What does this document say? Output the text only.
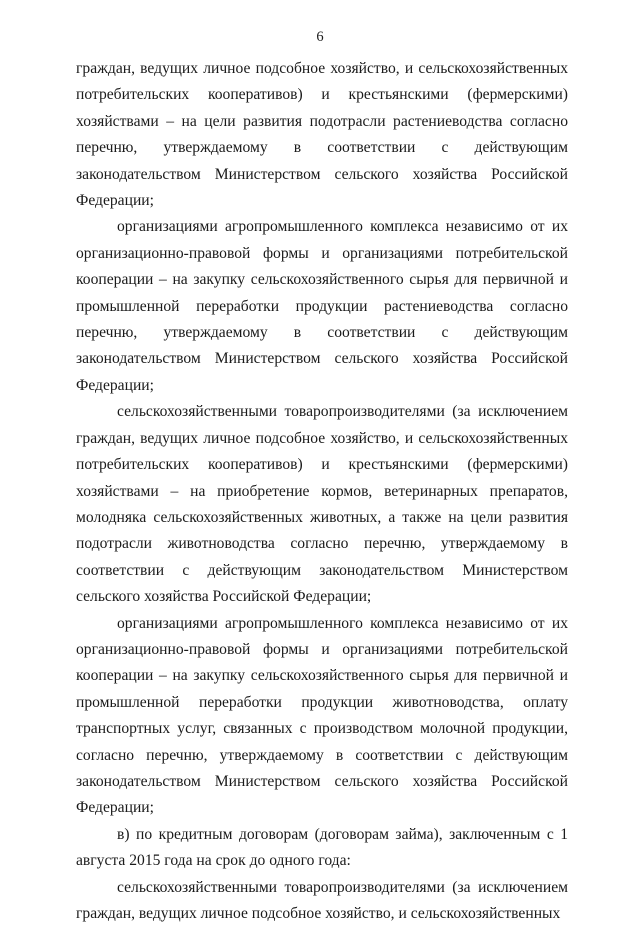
6

граждан, ведущих личное подсобное хозяйство, и сельскохозяйственных потребительских кооперативов) и крестьянскими (фермерскими) хозяйствами – на цели развития подотрасли растениеводства согласно перечню, утверждаемому в соответствии с действующим законодательством Министерством сельского хозяйства Российской Федерации;

организациями агропромышленного комплекса независимо от их организационно-правовой формы и организациями потребительской кооперации – на закупку сельскохозяйственного сырья для первичной и промышленной переработки продукции растениеводства согласно перечню, утверждаемому в соответствии с действующим законодательством Министерством сельского хозяйства Российской Федерации;

сельскохозяйственными товаропроизводителями (за исключением граждан, ведущих личное подсобное хозяйство, и сельскохозяйственных потребительских кооперативов) и крестьянскими (фермерскими) хозяйствами – на приобретение кормов, ветеринарных препаратов, молодняка сельскохозяйственных животных, а также на цели развития подотрасли животноводства согласно перечню, утверждаемому в соответствии с действующим законодательством Министерством сельского хозяйства Российской Федерации;

организациями агропромышленного комплекса независимо от их организационно-правовой формы и организациями потребительской кооперации – на закупку сельскохозяйственного сырья для первичной и промышленной переработки продукции животноводства, оплату транспортных услуг, связанных с производством молочной продукции, согласно перечню, утверждаемому в соответствии с действующим законодательством Министерством сельского хозяйства Российской Федерации;

в) по кредитным договорам (договорам займа), заключенным с 1 августа 2015 года на срок до одного года:

сельскохозяйственными товаропроизводителями (за исключением граждан, ведущих личное подсобное хозяйство, и сельскохозяйственных
